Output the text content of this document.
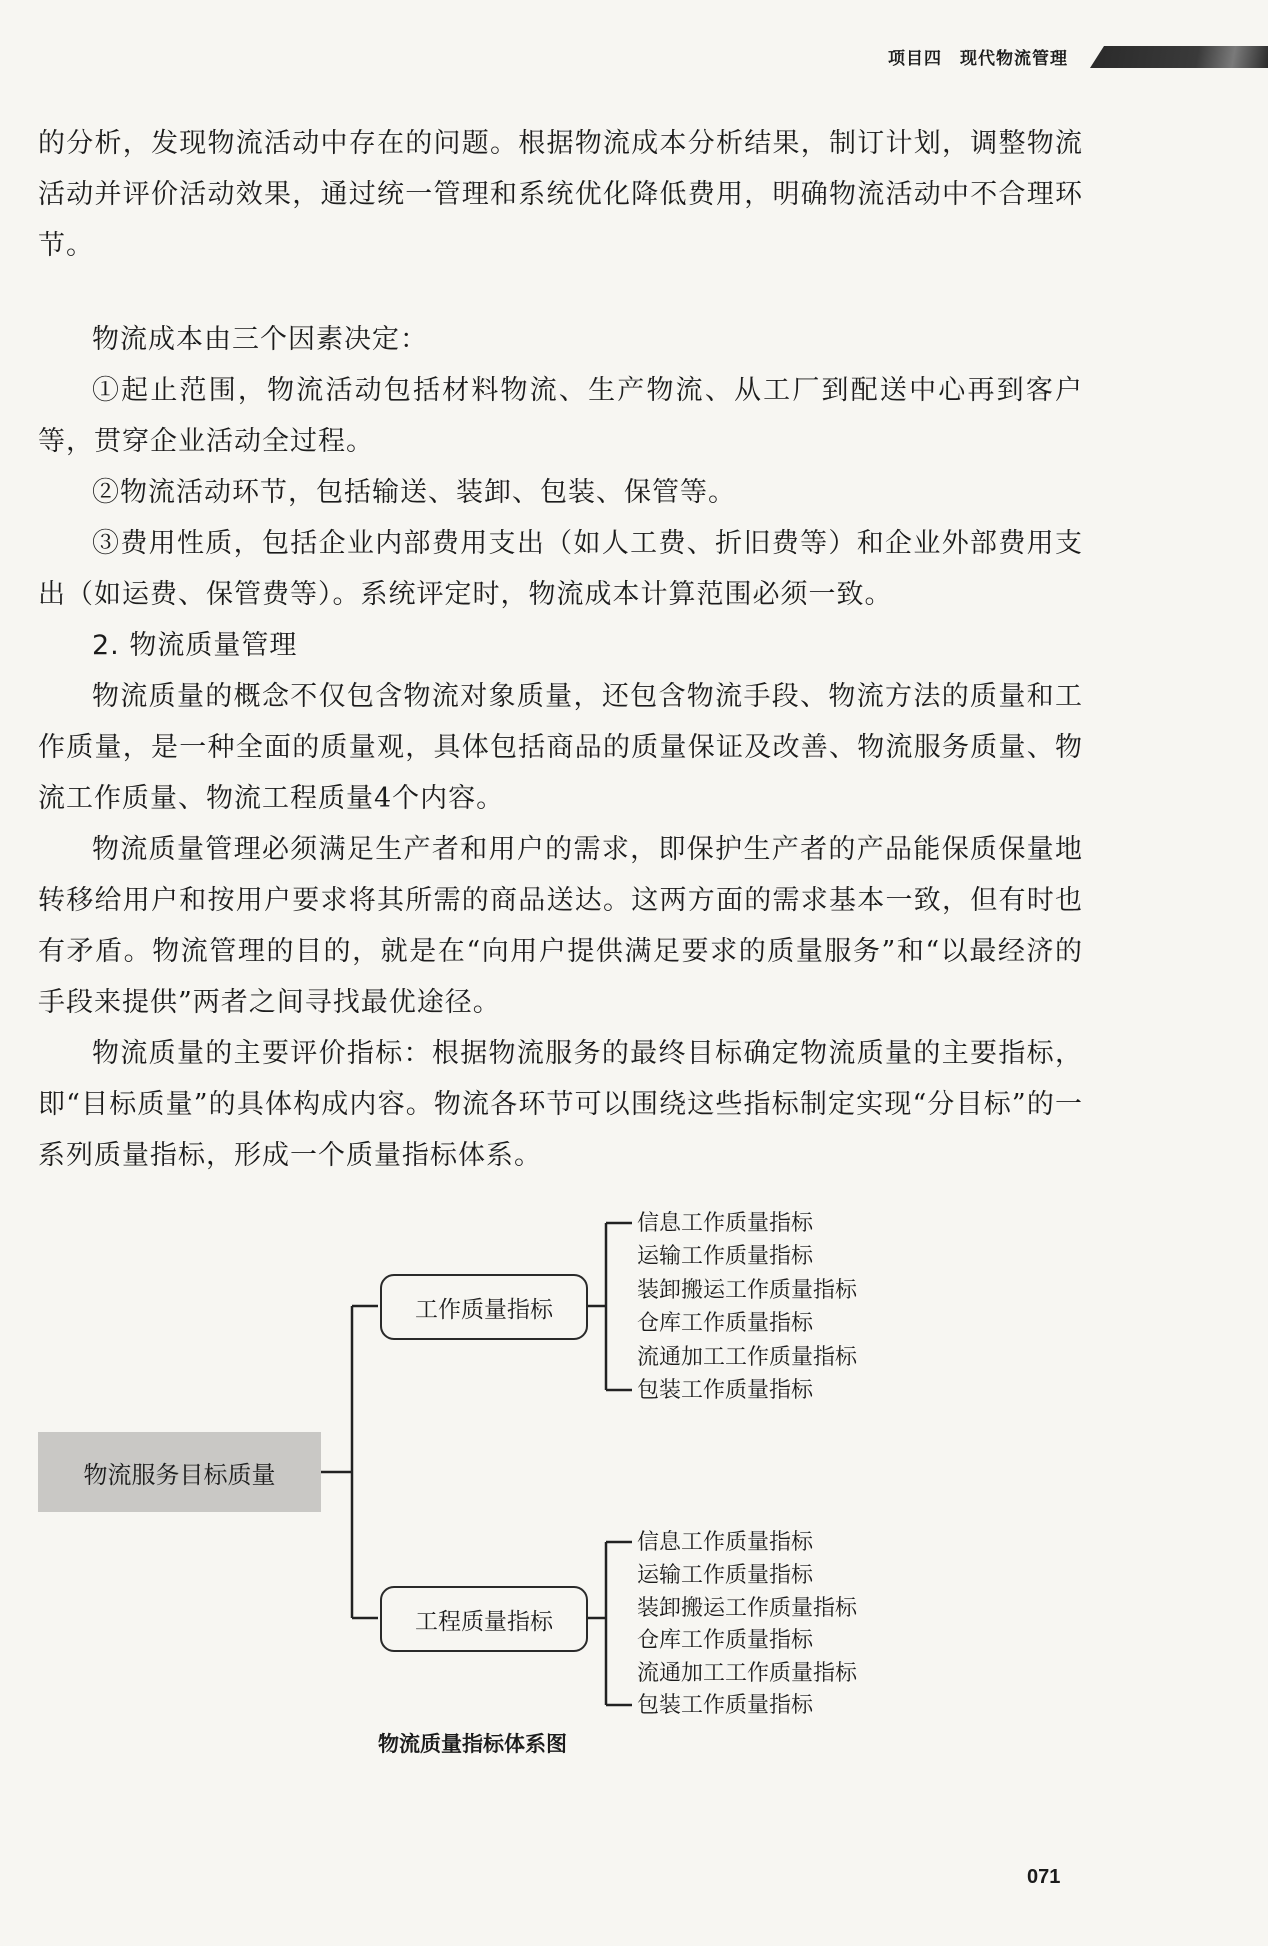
项目四 现代物流管理

的分析，发现物流活动中存在的问题。根据物流成本分析结果，制订计划，调整物流活动并评价活动效果，通过统一管理和系统优化降低费用，明确物流活动中不合理环节。

物流成本由三个因素决定：

①起止范围，物流活动包括材料物流、生产物流、从工厂到配送中心再到客户等，贯穿企业活动全过程。

②物流活动环节，包括输送、装卸、包装、保管等。

③费用性质，包括企业内部费用支出（如人工费、折旧费等）和企业外部费用支出（如运费、保管费等）。系统评定时，物流成本计算范围必须一致。

2. 物流质量管理

物流质量的概念不仅包含物流对象质量，还包含物流手段、物流方法的质量和工作质量，是一种全面的质量观，具体包括商品的质量保证及改善、物流服务质量、物流工作质量、物流工程质量4个内容。

物流质量管理必须满足生产者和用户的需求，即保护生产者的产品能保质保量地转移给用户和按用户要求将其所需的商品送达。这两方面的需求基本一致，但有时也有矛盾。物流管理的目的，就是在“向用户提供满足要求的质量服务”和“以最经济的手段来提供”两者之间寻找最优途径。

物流质量的主要评价指标：根据物流服务的最终目标确定物流质量的主要指标，即“目标质量”的具体构成内容。物流各环节可以围绕这些指标制定实现“分目标”的一系列质量指标，形成一个质量指标体系。

物流服务目标质量
工作质量指标
工程质量指标
信息工作质量指标
运输工作质量指标
装卸搬运工作质量指标
仓库工作质量指标
流通加工工作质量指标
包装工作质量指标
信息工作质量指标
运输工作质量指标
装卸搬运工作质量指标
仓库工作质量指标
流通加工工作质量指标
包装工作质量指标
物流质量指标体系图
071
